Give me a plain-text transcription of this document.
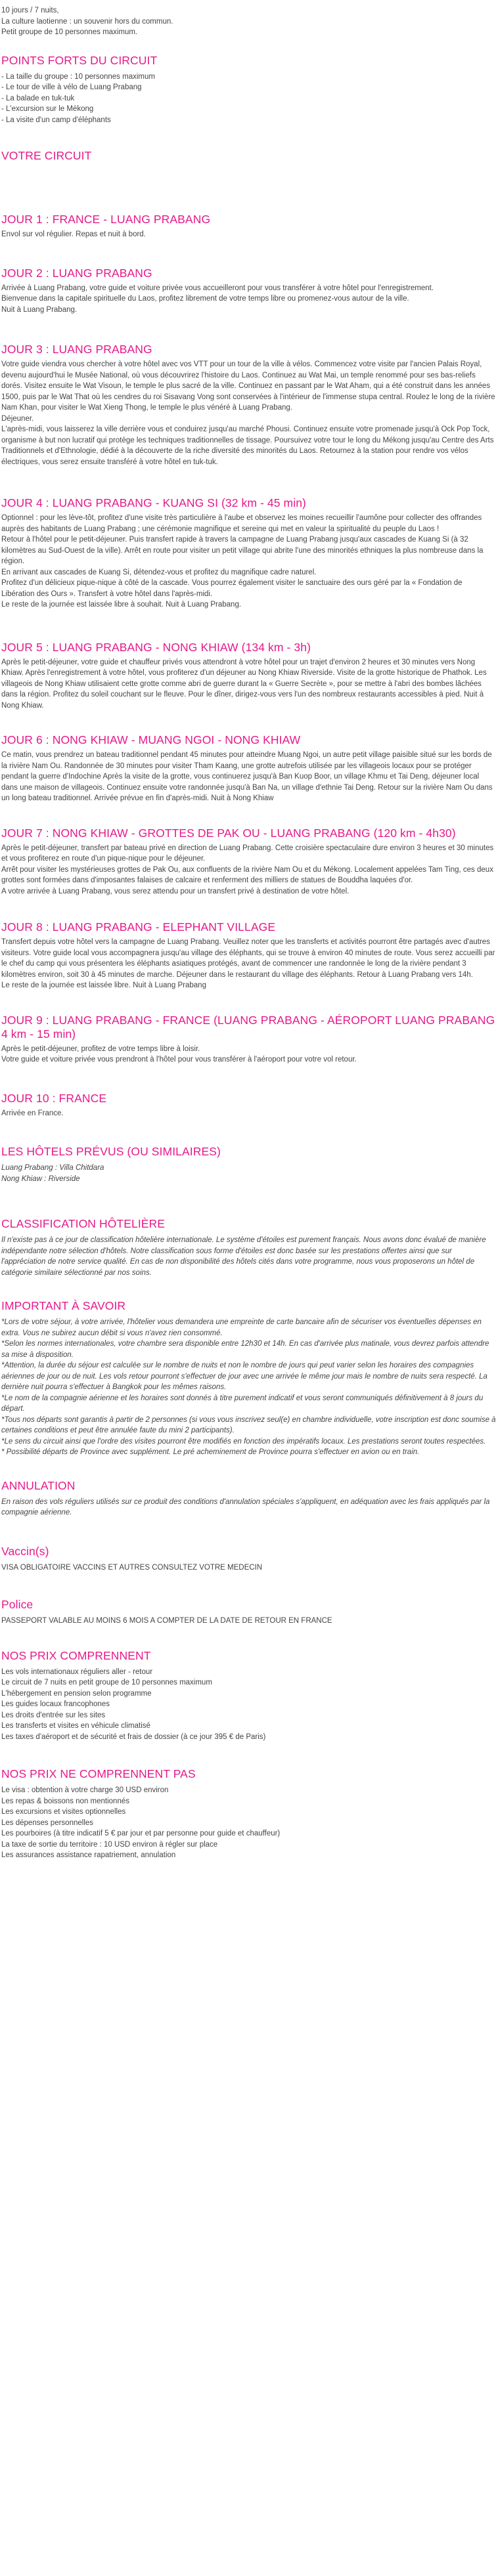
10 jours / 7 nuits,
La culture laotienne : un souvenir hors du commun.
Petit groupe de 10 personnes maximum.
POINTS FORTS DU CIRCUIT
- La taille du groupe : 10 personnes maximum
- Le tour de ville à vélo de Luang Prabang
- La balade en tuk-tuk
- L'excursion sur le Mékong
- La visite d'un camp d'éléphants
VOTRE CIRCUIT
JOUR 1 : FRANCE - LUANG PRABANG

Envol sur vol régulier. Repas et nuit à bord.

JOUR 2 : LUANG PRABANG

Arrivée à Luang Prabang, votre guide et voiture privée vous accueilleront pour vous transférer à votre hôtel pour l'enregistrement.
Bienvenue dans la capitale spirituelle du Laos, profitez librement de votre temps libre ou promenez-vous autour de la ville.
Nuit à Luang Prabang.

JOUR 3 : LUANG PRABANG

Votre guide viendra vous chercher à votre hôtel avec vos VTT pour un tour de la ville à vélos. Commencez votre visite par l'ancien Palais Royal, devenu aujourd'hui le Musée National, où vous découvrirez l'histoire du Laos. Continuez au Wat Mai, un temple renommé pour ses bas-reliefs dorés. Visitez ensuite le Wat Visoun, le temple le plus sacré de la ville. Continuez en passant par le Wat Aham, qui a été construit dans les années 1500, puis par le Wat That où les cendres du roi Sisavang Vong sont conservées à l'intérieur de l'immense stupa central. Roulez le long de la rivière Nam Khan, pour visiter le Wat Xieng Thong, le temple le plus vénéré à Luang Prabang.
Déjeuner.
L'après-midi, vous laisserez la ville derrière vous et conduirez jusqu'au marché Phousi. Continuez ensuite votre promenade jusqu'à Ock Pop Tock, organisme à but non lucratif qui protège les techniques traditionnelles de tissage. Poursuivez votre tour le long du Mékong jusqu'au Centre des Arts Traditionnels et d'Ethnologie, dédié à la découverte de la riche diversité des minorités du Laos. Retournez à la station pour rendre vos vélos électriques, vous serez ensuite transféré à votre hôtel en tuk-tuk.

JOUR 4 : LUANG PRABANG - KUANG SI (32 km - 45 min)

Optionnel : pour les lève-tôt, profitez d'une visite très particulière à l'aube et observez les moines recueillir l'aumône pour collecter des offrandes auprès des habitants de Luang Prabang ; une cérémonie magnifique et sereine qui met en valeur la spiritualité du peuple du Laos !
Retour à l'hôtel pour le petit-déjeuner. Puis transfert rapide à travers la campagne de Luang Prabang jusqu'aux cascades de Kuang Si (à 32 kilomètres au Sud-Ouest de la ville). Arrêt en route pour visiter un petit village qui abrite l'une des minorités ethniques la plus nombreuse dans la région.
En arrivant aux cascades de Kuang Si, détendez-vous et profitez du magnifique cadre naturel.
Profitez d'un délicieux pique-nique à côté de la cascade. Vous pourrez également visiter le sanctuaire des ours géré par la « Fondation de Libération des Ours ». Transfert à votre hôtel dans l'après-midi.
Le reste de la journée est laissée libre à souhait. Nuit à Luang Prabang.

JOUR 5 : LUANG PRABANG - NONG KHIAW (134 km - 3h)

Après le petit-déjeuner, votre guide et chauffeur privés vous attendront à votre hôtel pour un trajet d'environ 2 heures et 30 minutes vers Nong Khiaw. Après l'enregistrement à votre hôtel, vous profiterez d'un déjeuner au Nong Khiaw Riverside. Visite de la grotte historique de Phathok. Les villageois de Nong Khiaw utilisaient cette grotte comme abri de guerre durant la « Guerre Secrète », pour se mettre à l'abri des bombes lâchées dans la région. Profitez du soleil couchant sur le fleuve. Pour le dîner, dirigez-vous vers l'un des nombreux restaurants accessibles à pied. Nuit à Nong Khiaw.

JOUR 6 : NONG KHIAW - MUANG NGOI - NONG KHIAW

Ce matin, vous prendrez un bateau traditionnel pendant 45 minutes pour atteindre Muang Ngoi, un autre petit village paisible situé sur les bords de la rivière Nam Ou. Randonnée de 30 minutes pour visiter Tham Kaang, une grotte autrefois utilisée par les villageois locaux pour se protéger pendant la guerre d'Indochine Après la visite de la grotte, vous continuerez jusqu'à Ban Kuop Boor, un village Khmu et Tai Deng, déjeuner local dans une maison de villageois. Continuez ensuite votre randonnée jusqu'à Ban Na, un village d'ethnie Tai Deng. Retour sur la rivière Nam Ou dans un long bateau traditionnel. Arrivée prévue en fin d'après-midi. Nuit à Nong Khiaw

JOUR 7 : NONG KHIAW - GROTTES DE PAK OU - LUANG PRABANG (120 km - 4h30)

Après le petit-déjeuner, transfert par bateau privé en direction de Luang Prabang. Cette croisière spectaculaire dure environ 3 heures et 30 minutes et vous profiterez en route d'un pique-nique pour le déjeuner.
Arrêt pour visiter les mystérieuses grottes de Pak Ou, aux confluents de la rivière Nam Ou et du Mékong. Localement appelées Tam Ting, ces deux grottes sont formées dans d'imposantes falaises de calcaire et renferment des milliers de statues de Bouddha laquées d'or.
A votre arrivée à Luang Prabang, vous serez attendu pour un transfert privé à destination de votre hôtel.

JOUR 8 : LUANG PRABANG - ELEPHANT VILLAGE

Transfert depuis votre hôtel vers la campagne de Luang Prabang. Veuillez noter que les transferts et activités pourront être partagés avec d'autres visiteurs. Votre guide local vous accompagnera jusqu'au village des éléphants, qui se trouve à environ 40 minutes de route. Vous serez accueilli par le chef du camp qui vous présentera les éléphants asiatiques protégés, avant de commencer une randonnée le long de la rivière pendant 3 kilomètres environ, soit 30 à 45 minutes de marche. Déjeuner dans le restaurant du village des éléphants. Retour à Luang Prabang vers 14h.
Le reste de la journée est laissée libre. Nuit à Luang Prabang

JOUR 9 : LUANG PRABANG - FRANCE (LUANG PRABANG - AÉROPORT LUANG PRABANG 4 km - 15 min)

Après le petit-déjeuner, profitez de votre temps libre à loisir.
Votre guide et voiture privée vous prendront à l'hôtel pour vous transférer à l'aéroport pour votre vol retour.

JOUR 10 : FRANCE

Arrivée en France.

LES HÔTELS PRÉVUS (OU SIMILAIRES)
Luang Prabang : Villa Chitdara
Nong Khiaw : Riverside
CLASSIFICATION HÔTELIÈRE

Il n'existe pas à ce jour de classification hôtelière internationale. Le système d'étoiles est purement français. Nous avons donc évalué de manière indépendante notre sélection d'hôtels. Notre classification sous forme d'étoiles est donc basée sur les prestations offertes ainsi que sur l'appréciation de notre service qualité. En cas de non disponibilité des hôtels cités dans votre programme, nous vous proposerons un hôtel de catégorie similaire sélectionné par nos soins.

IMPORTANT À SAVOIR

*Lors de votre séjour, à votre arrivée, l'hôtelier vous demandera une empreinte de carte bancaire afin de sécuriser vos éventuelles dépenses en extra. Vous ne subirez aucun débit si vous n'avez rien consommé.
*Selon les normes internationales, votre chambre sera disponible entre 12h30 et 14h. En cas d'arrivée plus matinale, vous devrez parfois attendre sa mise à disposition.
*Attention, la durée du séjour est calculée sur le nombre de nuits et non le nombre de jours qui peut varier selon les horaires des compagnies aériennes de jour ou de nuit. Les vols retour pourront s'effectuer de jour avec une arrivée le même jour mais le nombre de nuits sera respecté. La dernière nuit pourra s'effectuer à Bangkok pour les mêmes raisons.
*Le nom de la compagnie aérienne et les horaires sont donnés à titre purement indicatif et vous seront communiqués définitivement à 8 jours du départ.
*Tous nos départs sont garantis à partir de 2 personnes (si vous vous inscrivez seul(e) en chambre individuelle, votre inscription est donc soumise à certaines conditions et peut être annulée faute du mini 2 participants).
*Le sens du circuit ainsi que l'ordre des visites pourront être modifiés en fonction des impératifs locaux. Les prestations seront toutes respectées.
* Possibilité départs de Province avec supplément. Le pré acheminement de Province pourra s'effectuer en avion ou en train.

ANNULATION

En raison des vols réguliers utilisés sur ce produit des conditions d'annulation spéciales s'appliquent, en adéquation avec les frais appliqués par la compagnie aérienne.

Vaccin(s)

VISA OBLIGATOIRE VACCINS ET AUTRES CONSULTEZ VOTRE MEDECIN

Police

PASSEPORT VALABLE AU MOINS 6 MOIS A COMPTER DE LA DATE DE RETOUR EN FRANCE

NOS PRIX COMPRENNENT
Les vols internationaux réguliers aller - retour
Le circuit de 7 nuits en petit groupe de 10 personnes maximum
L'hébergement en pension selon programme
Les guides locaux francophones
Les droits d'entrée sur les sites
Les transferts et visites en véhicule climatisé
Les taxes d'aéroport et de sécurité et frais de dossier (à ce jour 395 € de Paris)
NOS PRIX NE COMPRENNENT PAS
Le visa : obtention à votre charge 30 USD environ
Les repas & boissons non mentionnés
Les excursions et visites optionnelles
Les dépenses personnelles
Les pourboires (à titre indicatif 5 € par jour et par personne pour guide et chauffeur)
La taxe de sortie du territoire : 10 USD environ à régler sur place
Les assurances assistance rapatriement, annulation
